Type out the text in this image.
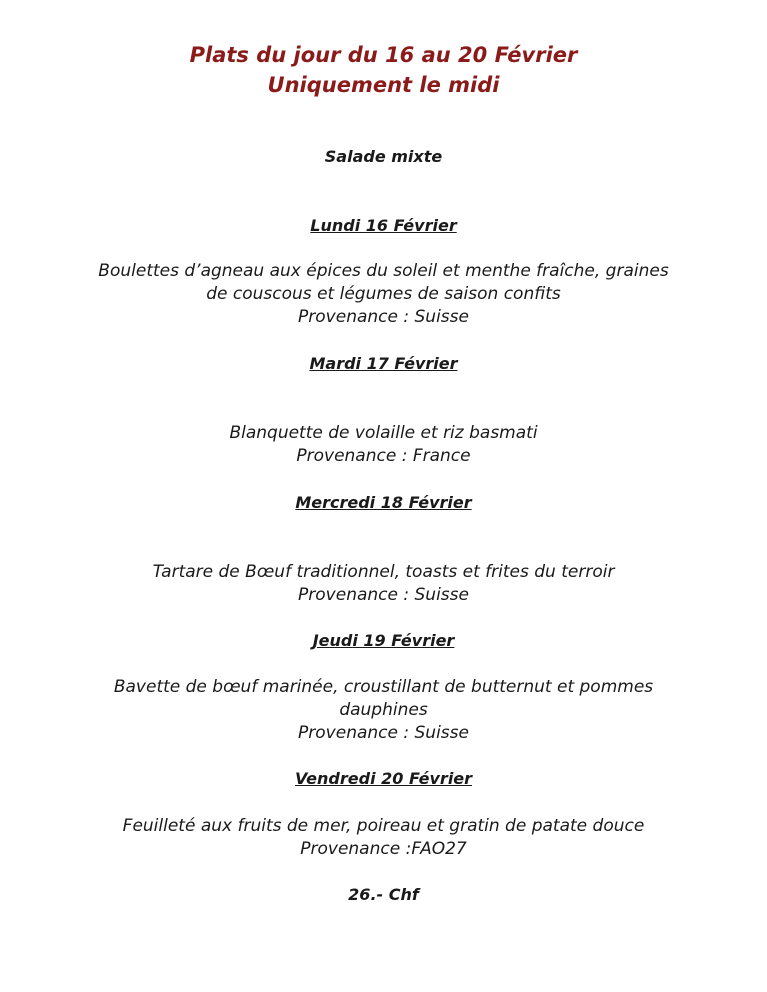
Plats du jour du 16 au 20 Février
Uniquement le midi
Salade mixte
Lundi 16 Février
Boulettes d’agneau aux épices du soleil et menthe fraîche, graines
de couscous et légumes de saison confits
Provenance : Suisse
Mardi 17 Février
Blanquette de volaille et riz basmati
Provenance : France
Mercredi 18 Février
Tartare de Bœuf traditionnel, toasts et frites du terroir
Provenance : Suisse
Jeudi 19 Février
Bavette de bœuf marinée, croustillant de butternut et pommes
dauphines
Provenance : Suisse
Vendredi 20 Février
Feuilleté aux fruits de mer, poireau et gratin de patate douce
Provenance :FAO27
26.- Chf
